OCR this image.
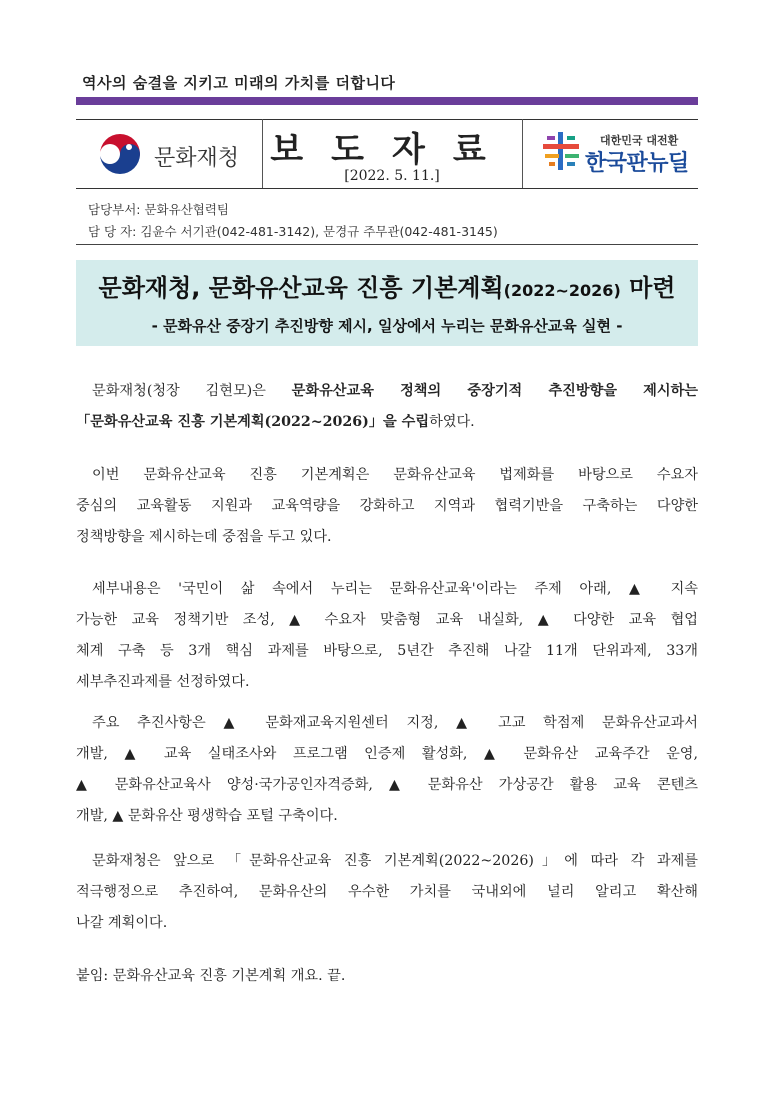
역사의 숨결을 지키고 미래의 가치를 더합니다
문화재청 보도자료
[2022. 5. 11.]
대한민국 대전환
한국판뉴딜
담당부서: 문화유산협력팀
담 당 자: 김윤수 서기관(042-481-3142), 문경규 주무관(042-481-3145)
문화재청, 문화유산교육 진흥 기본계획(2022~2026) 마련
- 문화유산 중장기 추진방향 제시, 일상에서 누리는 문화유산교육 실현 -
문화재청(청장 김현모)은 문화유산교육 정책의 중장기적 추진방향을 제시하는
「문화유산교육 진흥 기본계획(2022~2026)」을 수립하였다.
이번 문화유산교육 진흥 기본계획은 문화유산교육 법제화를 바탕으로 수요자
중심의 교육활동 지원과 교육역량을 강화하고 지역과 협력기반을 구축하는 다양한
정책방향을 제시하는데 중점을 두고 있다.
세부내용은 '국민이 삶 속에서 누리는 문화유산교육'이라는 주제 아래, ▲ 지속
가능한 교육 정책기반 조성, ▲ 수요자 맞춤형 교육 내실화, ▲ 다양한 교육 협업
체계 구축 등 3개 핵심 과제를 바탕으로, 5년간 추진해 나갈 11개 단위과제, 33개
세부추진과제를 선정하였다.
주요 추진사항은 ▲ 문화재교육지원센터 지정, ▲ 고교 학점제 문화유산교과서
개발, ▲ 교육 실태조사와 프로그램 인증제 활성화, ▲ 문화유산 교육주간 운영,
▲ 문화유산교육사 양성·국가공인자격증화, ▲ 문화유산 가상공간 활용 교육 콘텐츠
개발, ▲ 문화유산 평생학습 포털 구축이다.
문화재청은 앞으로 「문화유산교육 진흥 기본계획(2022~2026)」에 따라 각 과제를
적극행정으로 추진하여, 문화유산의 우수한 가치를 국내외에 널리 알리고 확산해
나갈 계획이다.
붙임: 문화유산교육 진흥 기본계획 개요. 끝.
